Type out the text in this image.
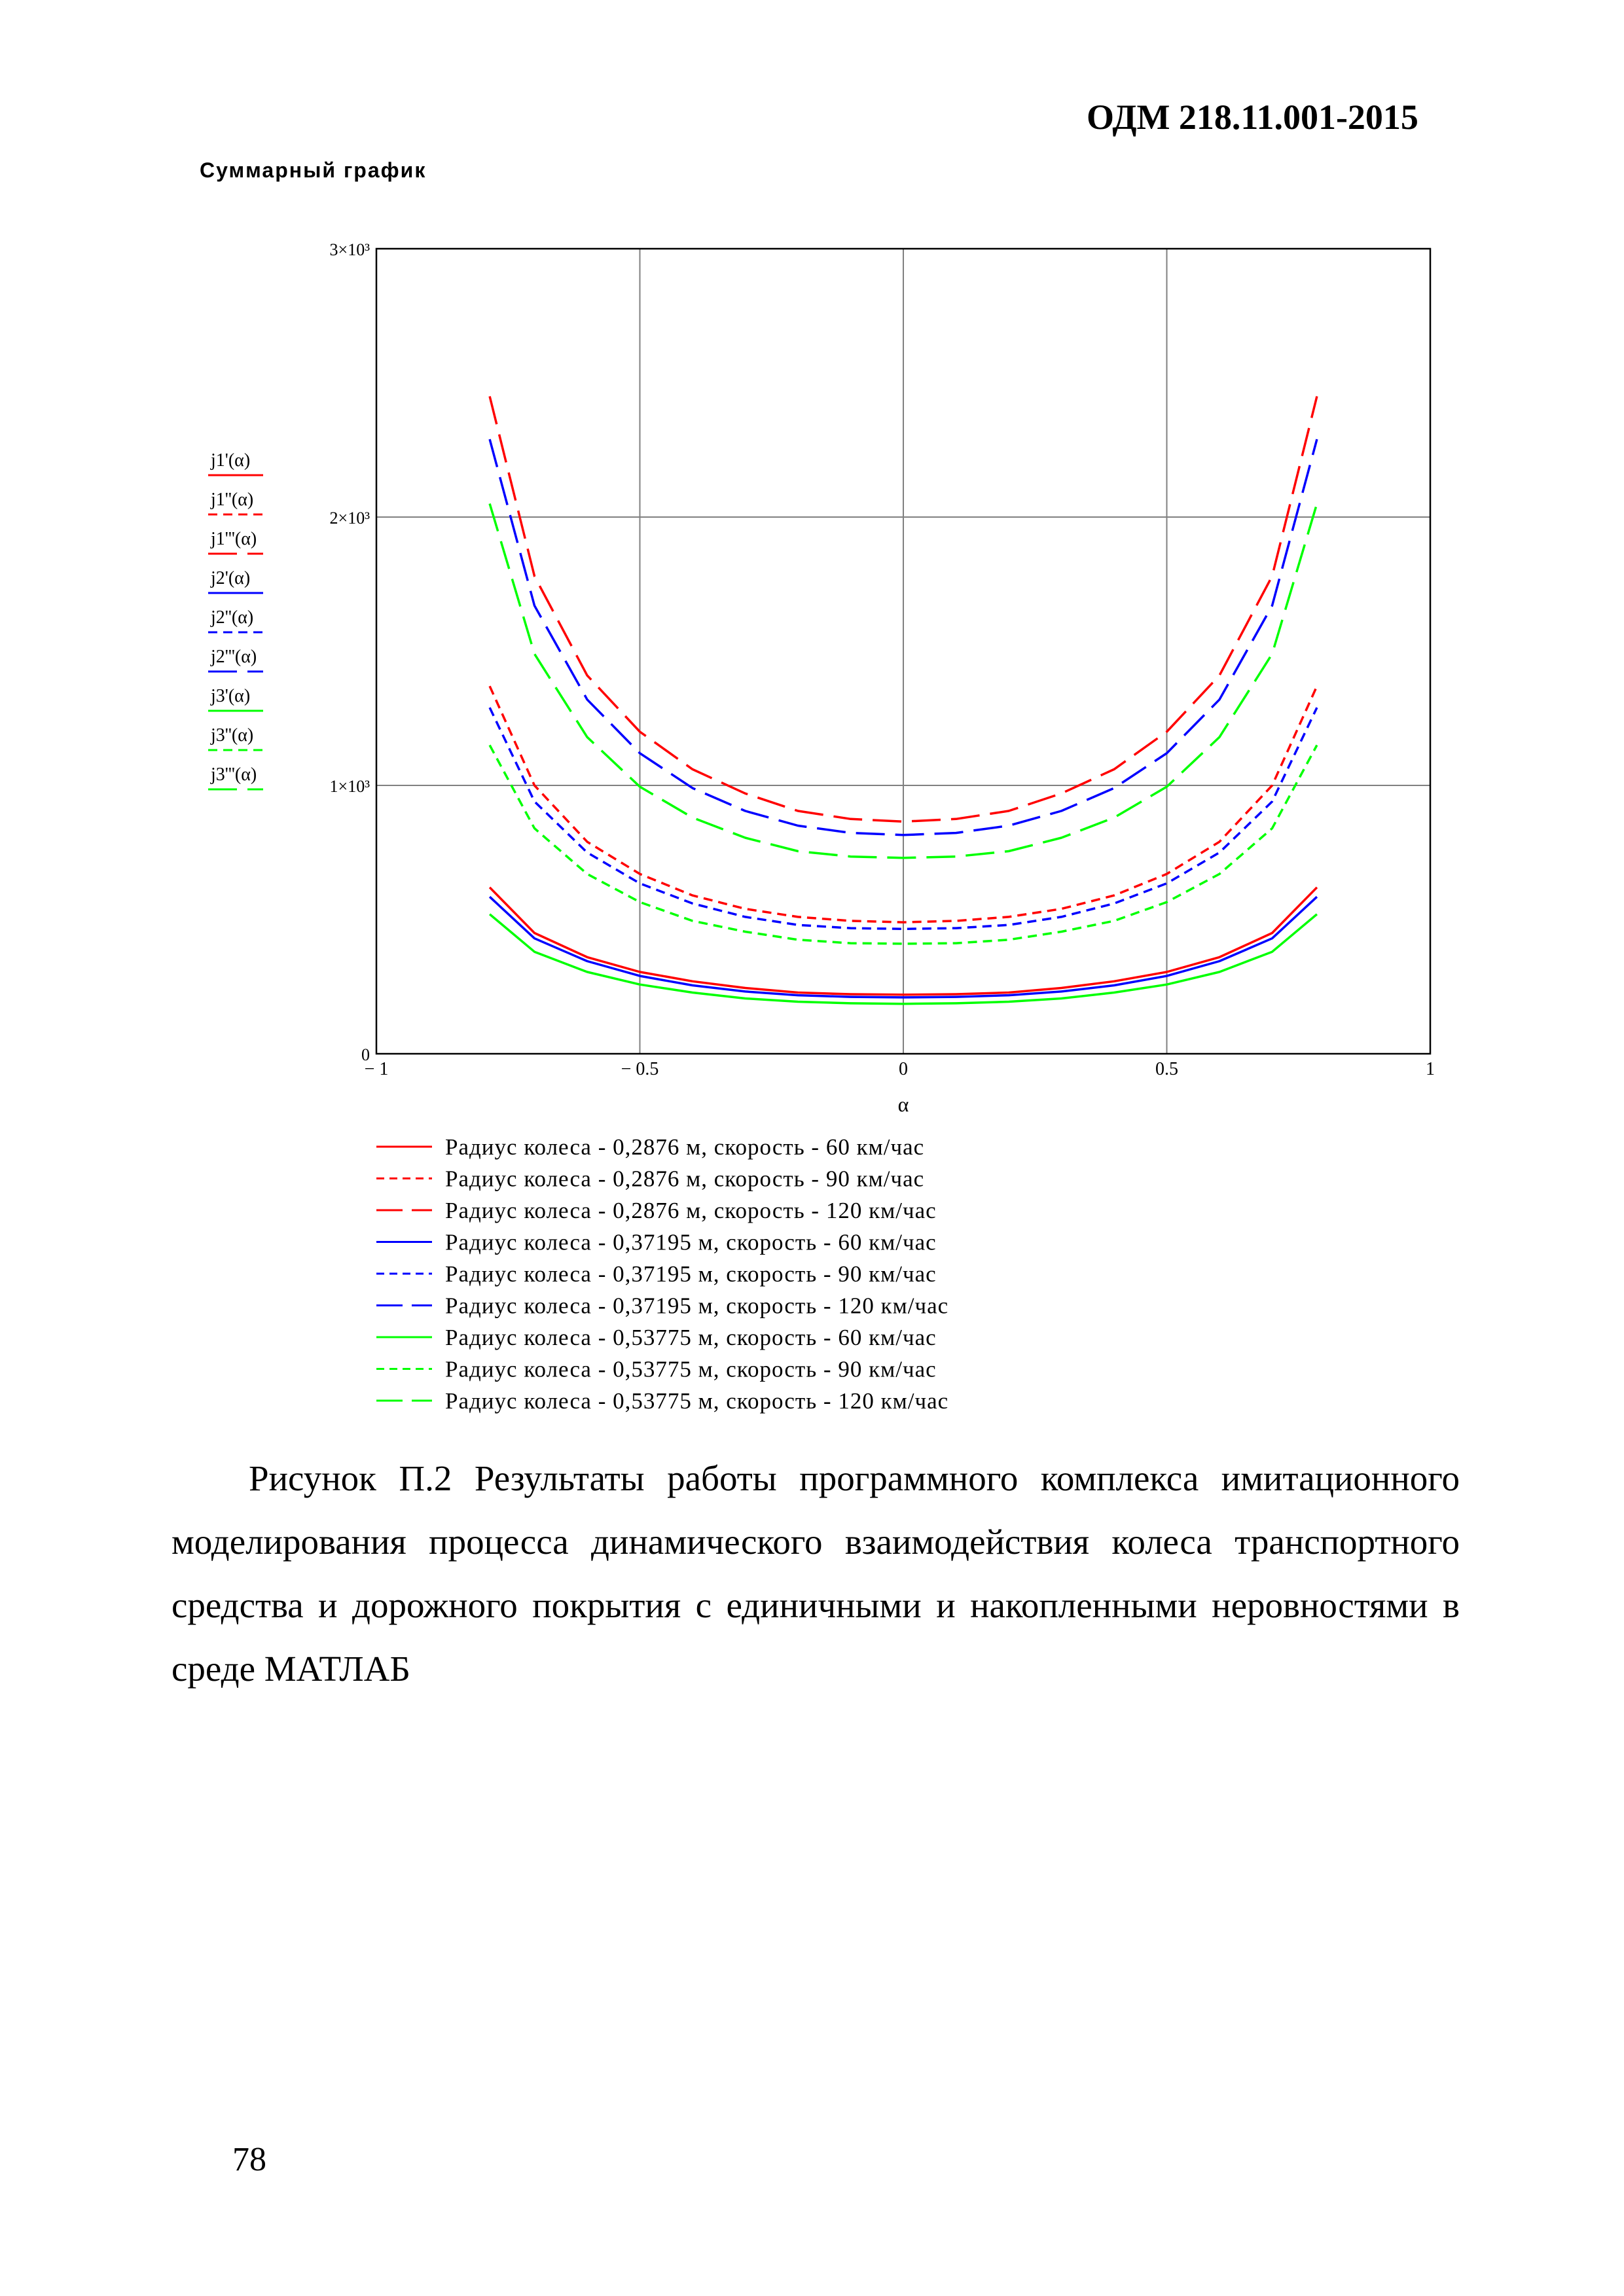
ОДМ 218.11.001-2015
Суммарный график
− 1	− 0.5	0	0.5	1
0
1×10³
2×10³
3×10³
α
j1'(α)
j1''(α)
j1'''(α)
j2'(α)
j2''(α)
j2'''(α)
j3'(α)
j3''(α)
j3'''(α)
Радиус колеса - 0,2876 м, скорость - 60 км/час
Радиус колеса - 0,2876 м, скорость - 90 км/час
Радиус колеса - 0,2876 м, скорость - 120 км/час
Радиус колеса - 0,37195 м, скорость - 60 км/час
Радиус колеса - 0,37195 м, скорость - 90 км/час
Радиус колеса - 0,37195 м, скорость - 120 км/час
Радиус колеса - 0,53775 м, скорость - 60 км/час
Радиус колеса - 0,53775 м, скорость - 90 км/час
Радиус колеса - 0,53775 м, скорость - 120 км/час
Рисунок П.2 Результаты работы программного комплекса имитационного моделирования процесса динамического взаимодействия колеса транспортного средства и дорожного покрытия с единичными и накопленными неровностями в среде МАТЛАБ
78
